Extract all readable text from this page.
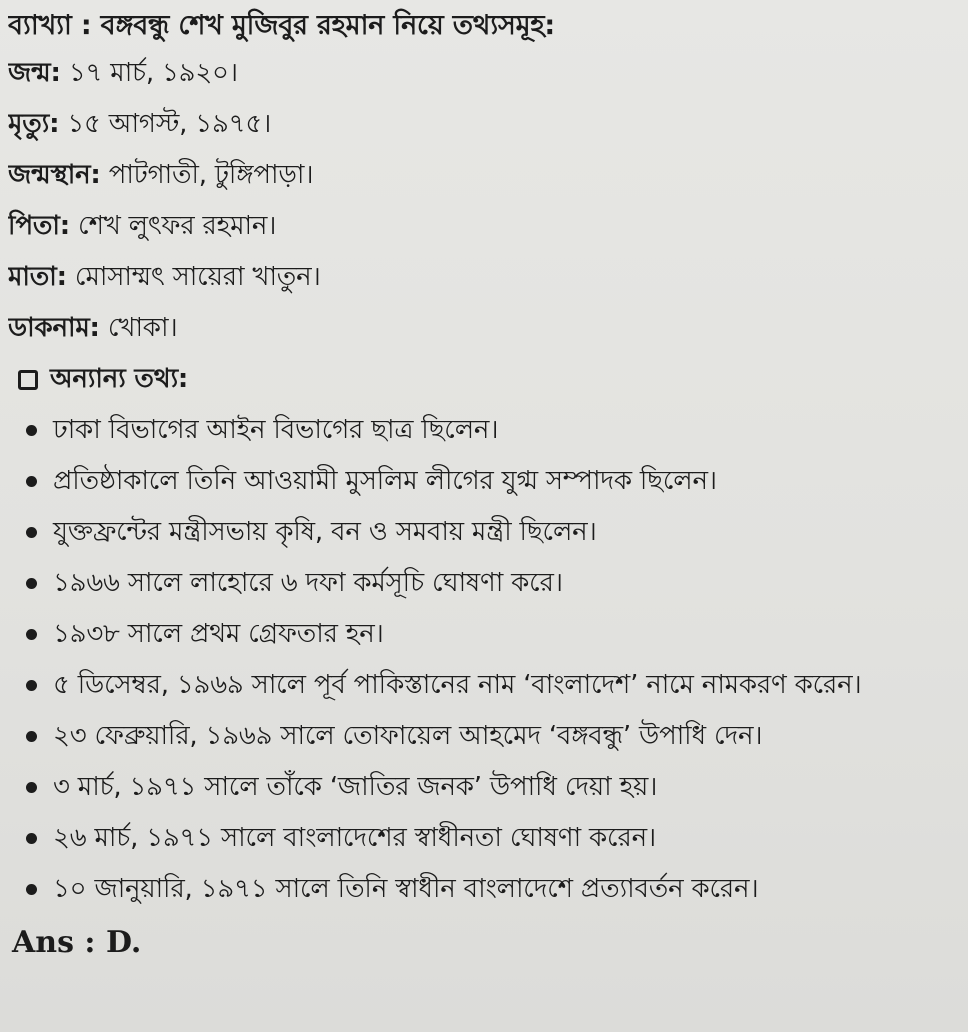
ব্যাখ্যা : বঙ্গবন্ধু শেখ মুজিবুর রহমান নিয়ে তথ্যসমূহ:
জন্ম: ১৭ মার্চ, ১৯২০।
মৃত্যু: ১৫ আগস্ট, ১৯৭৫।
জন্মস্থান: পাটগাতী, টুঙ্গিপাড়া।
পিতা: শেখ লুৎফর রহমান।
মাতা: মোসাম্মৎ সায়েরা খাতুন।
ডাকনাম: খোকা।
অন্যান্য তথ্য:
ঢাকা বিভাগের আইন বিভাগের ছাত্র ছিলেন।
প্রতিষ্ঠাকালে তিনি আওয়ামী মুসলিম লীগের যুগ্ম সম্পাদক ছিলেন।
যুক্তফ্রন্টের মন্ত্রীসভায় কৃষি, বন ও সমবায় মন্ত্রী ছিলেন।
১৯৬৬ সালে লাহোরে ৬ দফা কর্মসূচি ঘোষণা করে।
১৯৩৮ সালে প্রথম গ্রেফতার হন।
৫ ডিসেম্বর, ১৯৬৯ সালে পূর্ব পাকিস্তানের নাম ‘বাংলাদেশ’ নামে নামকরণ করেন।
২৩ ফেব্রুয়ারি, ১৯৬৯ সালে তোফায়েল আহমেদ ‘বঙ্গবন্ধু’ উপাধি দেন।
৩ মার্চ, ১৯৭১ সালে তাঁকে ‘জাতির জনক’ উপাধি দেয়া হয়।
২৬ মার্চ, ১৯৭১ সালে বাংলাদেশের স্বাধীনতা ঘোষণা করেন।
১০ জানুয়ারি, ১৯৭১ সালে তিনি স্বাধীন বাংলাদেশে প্রত্যাবর্তন করেন।
Ans : D.
